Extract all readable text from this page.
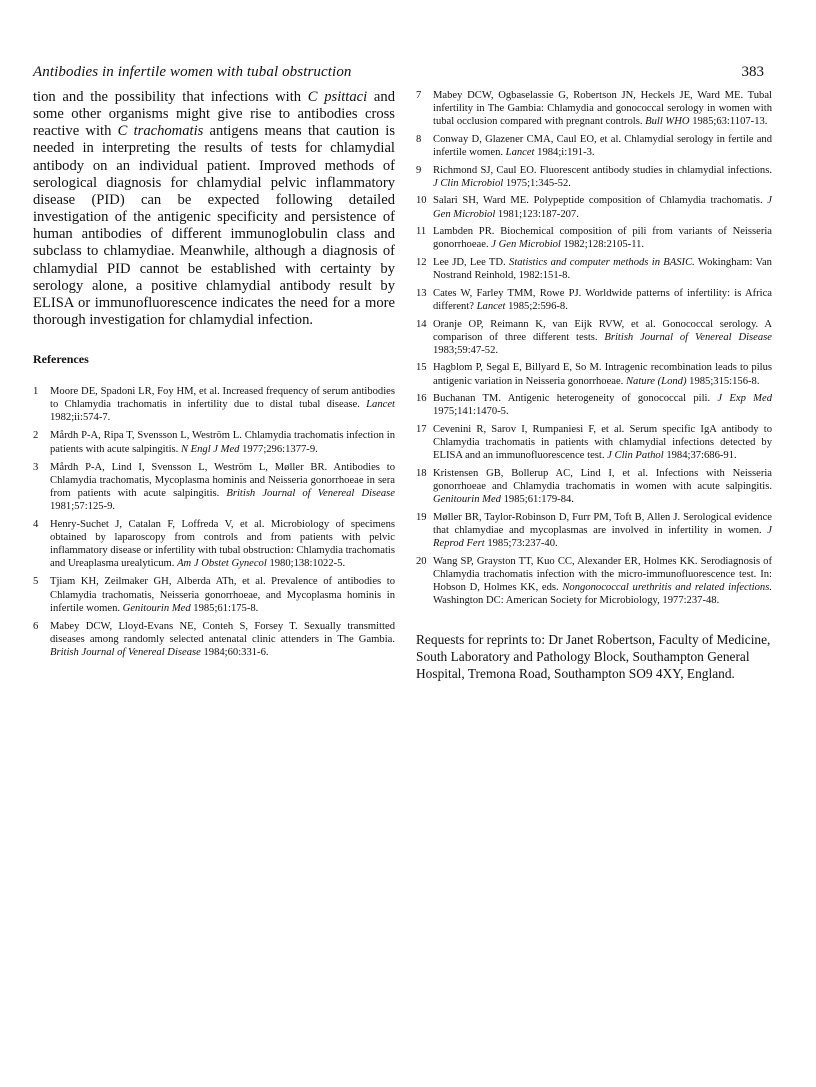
Antibodies in infertile women with tubal obstruction	383

tion and the possibility that infections with C psittaci and some other organisms might give rise to antibodies cross reactive with C trachomatis antigens means that caution is needed in interpreting the results of tests for chlamydial antibody on an individual patient. Improved methods of serological diagnosis for chlamydial pelvic inflammatory disease (PID) can be expected following detailed investigation of the antigenic specificity and persistence of human antibodies of different immunoglobulin class and subclass to chlamydiae. Meanwhile, although a diagnosis of chlamydial PID cannot be established with certainty by serology alone, a positive chlamydial antibody result by ELISA or immunofluorescence indicates the need for a more thorough investigation for chlamydial infection.

References
1 Moore DE, Spadoni LR, Foy HM, et al. Increased frequency of serum antibodies to Chlamydia trachomatis in infertility due to distal tubal disease. Lancet 1982;ii:574-7.
2 Mårdh P-A, Ripa T, Svensson L, Weström L. Chlamydia trachomatis infection in patients with acute salpingitis. N Engl J Med 1977;296:1377-9.
3 Mårdh P-A, Lind I, Svensson L, Weström L, Møller BR. Antibodies to Chlamydia trachomatis, Mycoplasma hominis and Neisseria gonorrhoeae in sera from patients with acute salpingitis. British Journal of Venereal Disease 1981;57:125-9.
4 Henry-Suchet J, Catalan F, Loffreda V, et al. Microbiology of specimens obtained by laparoscopy from controls and from patients with pelvic inflammatory disease or infertility with tubal obstruction: Chlamydia trachomatis and Ureaplasma urealyticum. Am J Obstet Gynecol 1980;138:1022-5.
5 Tjiam KH, Zeilmaker GH, Alberda ATh, et al. Prevalence of antibodies to Chlamydia trachomatis, Neisseria gonorrhoeae, and Mycoplasma hominis in infertile women. Genitourin Med 1985;61:175-8.
6 Mabey DCW, Lloyd-Evans NE, Conteh S, Forsey T. Sexually transmitted diseases among randomly selected antenatal clinic attenders in The Gambia. British Journal of Venereal Disease 1984;60:331-6.
7 Mabey DCW, Ogbaselassie G, Robertson JN, Heckels JE, Ward ME. Tubal infertility in The Gambia: Chlamydia and gonococcal serology in women with tubal occlusion compared with pregnant controls. Bull WHO 1985;63:1107-13.
8 Conway D, Glazener CMA, Caul EO, et al. Chlamydial serology in fertile and infertile women. Lancet 1984;i:191-3.
9 Richmond SJ, Caul EO. Fluorescent antibody studies in chlamydial infections. J Clin Microbiol 1975;1:345-52.
10 Salari SH, Ward ME. Polypeptide composition of Chlamydia trachomatis. J Gen Microbiol 1981;123:187-207.
11 Lambden PR. Biochemical composition of pili from variants of Neisseria gonorrhoeae. J Gen Microbiol 1982;128:2105-11.
12 Lee JD, Lee TD. Statistics and computer methods in BASIC. Wokingham: Van Nostrand Reinhold, 1982:151-8.
13 Cates W, Farley TMM, Rowe PJ. Worldwide patterns of infertility: is Africa different? Lancet 1985;2:596-8.
14 Oranje OP, Reimann K, van Eijk RVW, et al. Gonococcal serology. A comparison of three different tests. British Journal of Venereal Disease 1983;59:47-52.
15 Hagblom P, Segal E, Billyard E, So M. Intragenic recombination leads to pilus antigenic variation in Neisseria gonorrhoeae. Nature (Lond) 1985;315:156-8.
16 Buchanan TM. Antigenic heterogeneity of gonococcal pili. J Exp Med 1975;141:1470-5.
17 Cevenini R, Sarov I, Rumpaniesi F, et al. Serum specific IgA antibody to Chlamydia trachomatis in patients with chlamydial infections detected by ELISA and an immunofluorescence test. J Clin Pathol 1984;37:686-91.
18 Kristensen GB, Bollerup AC, Lind I, et al. Infections with Neisseria gonorrhoeae and Chlamydia trachomatis in women with acute salpingitis. Genitourin Med 1985;61:179-84.
19 Møller BR, Taylor-Robinson D, Furr PM, Toft B, Allen J. Serological evidence that chlamydiae and mycoplasmas are involved in infertility in women. J Reprod Fert 1985;73:237-40.
20 Wang SP, Grayston TT, Kuo CC, Alexander ER, Holmes KK. Serodiagnosis of Chlamydia trachomatis infection with the micro-immunofluorescence test. In: Hobson D, Holmes KK, eds. Nongonococcal urethritis and related infections. Washington DC: American Society for Microbiology, 1977:237-48.

Requests for reprints to: Dr Janet Robertson, Faculty of Medicine, South Laboratory and Pathology Block, Southampton General Hospital, Tremona Road, Southampton SO9 4XY, England.
